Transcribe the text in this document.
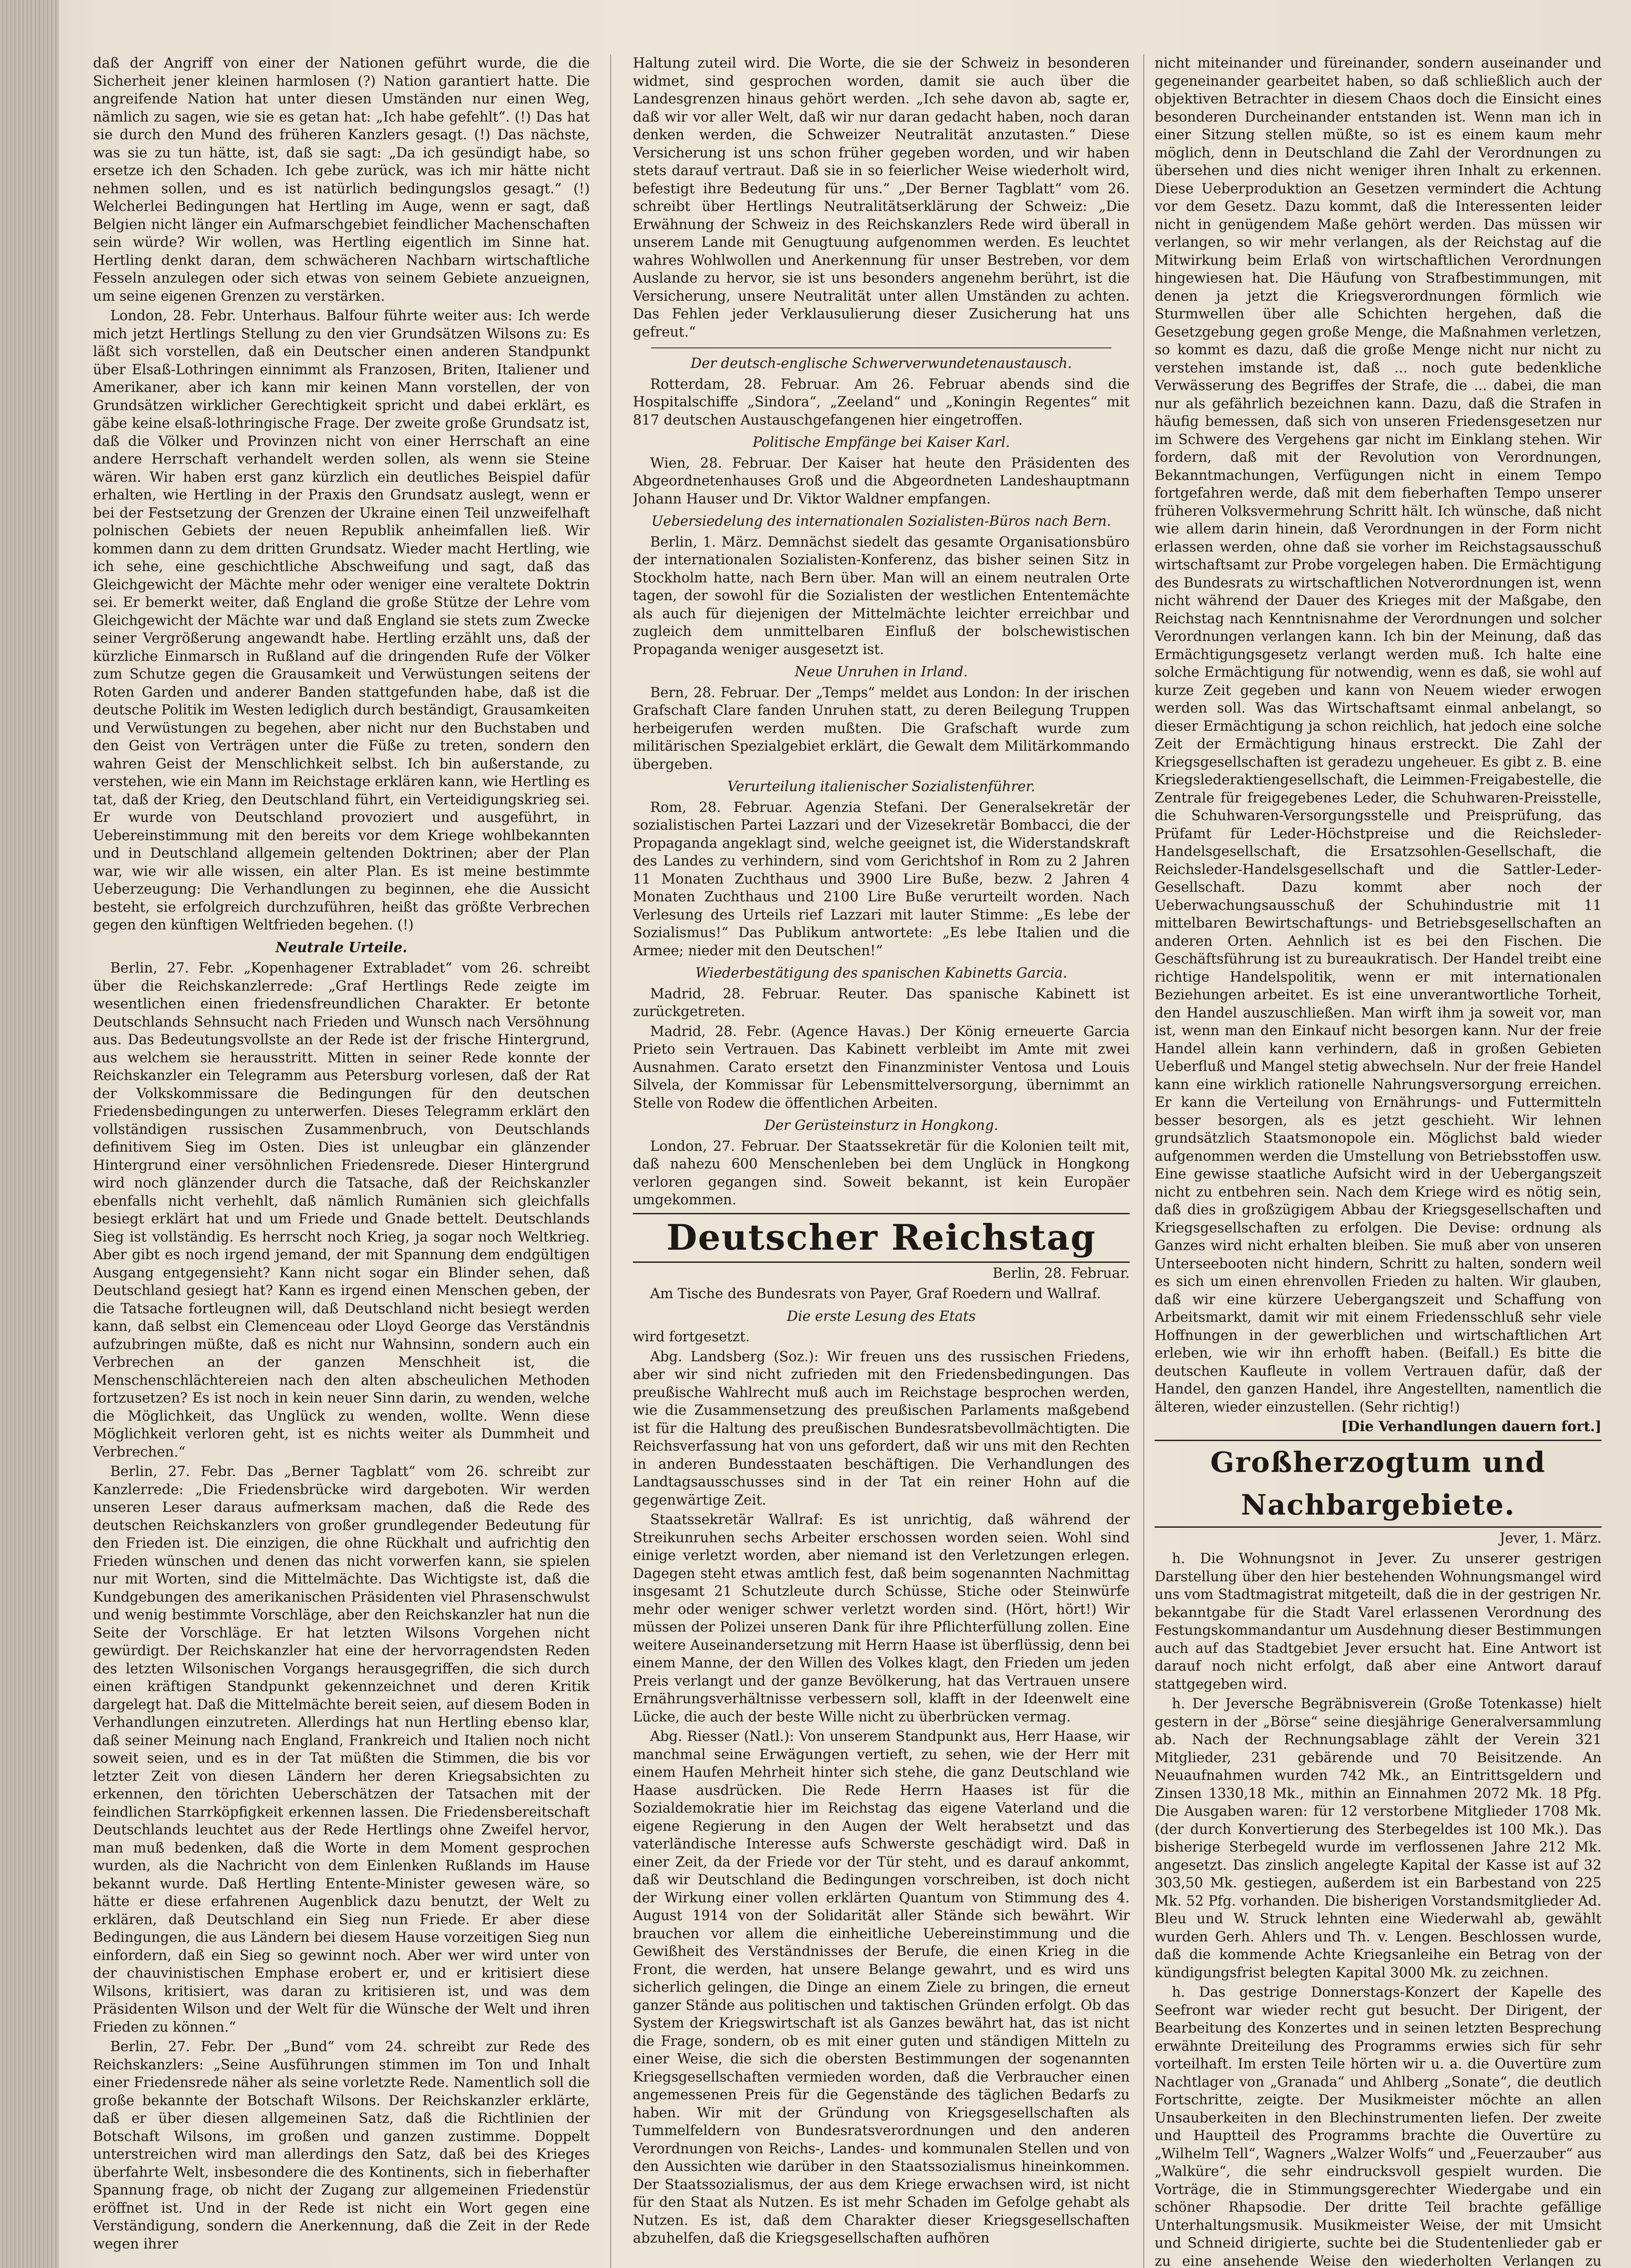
daß der Angriff von einer der Nationen geführt wurde, die die Sicherheit jener kleinen harmlosen (?) Nation garantiert hatte. Die angreifende Nation hat unter diesen Umständen nur einen Weg, nämlich zu sagen, wie sie es getan hat: „Ich habe gefehlt“. (!) Das hat sie durch den Mund des früheren Kanzlers gesagt. (!) Das nächste, was sie zu tun hätte, ist, daß sie sagt: „Da ich gesündigt habe, so ersetze ich den Schaden. Ich gebe zurück, was ich mir hätte nicht nehmen sollen, und es ist natürlich bedingungslos gesagt.“ (!) Welcherlei Bedingungen hat Hertling im Auge, wenn er sagt, daß Belgien nicht länger ein Aufmarschgebiet feindlicher Machenschaften sein würde? Wir wollen, was Hertling eigentlich im Sinne hat. Hertling denkt daran, dem schwächeren Nachbarn wirtschaftliche Fesseln anzulegen oder sich etwas von seinem Gebiete anzueignen, um seine eigenen Grenzen zu verstärken.

London, 28. Febr. Unterhaus. Balfour führte weiter aus: Ich werde mich jetzt Hertlings Stellung zu den vier Grundsätzen Wilsons zu: Es läßt sich vorstellen, daß ein Deutscher einen anderen Standpunkt über Elsaß-Lothringen einnimmt als Franzosen, Briten, Italiener und Amerikaner, aber ich kann mir keinen Mann vorstellen, der von Grundsätzen wirklicher Gerechtigkeit spricht und dabei erklärt, es gäbe keine elsaß-lothringische Frage. Der zweite große Grundsatz ist, daß die Völker und Provinzen nicht von einer Herrschaft an eine andere Herrschaft verhandelt werden sollen, als wenn sie Steine wären. Wir haben erst ganz kürzlich ein deutliches Beispiel dafür erhalten, wie Hertling in der Praxis den Grundsatz auslegt, wenn er bei der Festsetzung der Grenzen der Ukraine einen Teil unzweifelhaft polnischen Gebiets der neuen Republik anheimfallen ließ. Wir kommen dann zu dem dritten Grundsatz. Wieder macht Hertling, wie ich sehe, eine geschichtliche Abschweifung und sagt, daß das Gleichgewicht der Mächte mehr oder weniger eine veraltete Doktrin sei. Er bemerkt weiter, daß England die große Stütze der Lehre vom Gleichgewicht der Mächte war und daß England sie stets zum Zwecke seiner Vergrößerung angewandt habe. Hertling erzählt uns, daß der kürzliche Einmarsch in Rußland auf die dringenden Rufe der Völker zum Schutze gegen die Grausamkeit und Verwüstungen seitens der Roten Garden und anderer Banden stattgefunden habe, daß ist die deutsche Politik im Westen lediglich durch beständigt, Grausamkeiten und Verwüstungen zu begehen, aber nicht nur den Buchstaben und den Geist von Verträgen unter die Füße zu treten, sondern den wahren Geist der Menschlichkeit selbst. Ich bin außerstande, zu verstehen, wie ein Mann im Reichstage erklären kann, wie Hertling es tat, daß der Krieg, den Deutschland führt, ein Verteidigungskrieg sei. Er wurde von Deutschland provoziert und ausgeführt, in Uebereinstimmung mit den bereits vor dem Kriege wohlbekannten und in Deutschland allgemein geltenden Doktrinen; aber der Plan war, wie wir alle wissen, ein alter Plan. Es ist meine bestimmte Ueberzeugung: Die Verhandlungen zu beginnen, ehe die Aussicht besteht, sie erfolgreich durchzuführen, heißt das größte Verbrechen gegen den künftigen Weltfrieden begehen. (!)

Neutrale Urteile.

Berlin, 27. Febr. „Kopenhagener Extrabladet“ vom 26. schreibt über die Reichskanzlerrede: „Graf Hertlings Rede zeigte im wesentlichen einen friedensfreundlichen Charakter. Er betonte Deutschlands Sehnsucht nach Frieden und Wunsch nach Versöhnung aus. Das Bedeutungsvollste an der Rede ist der frische Hintergrund, aus welchem sie herausstritt. Mitten in seiner Rede konnte der Reichskanzler ein Telegramm aus Petersburg vorlesen, daß der Rat der Volkskommissare die Bedingungen für den deutschen Friedensbedingungen zu unterwerfen. Dieses Telegramm erklärt den vollständigen russischen Zusammenbruch, von Deutschlands definitivem Sieg im Osten. Dies ist unleugbar ein glänzender Hintergrund einer versöhnlichen Friedensrede. Dieser Hintergrund wird noch glänzender durch die Tatsache, daß der Reichskanzler ebenfalls nicht verhehlt, daß nämlich Rumänien sich gleichfalls besiegt erklärt hat und um Friede und Gnade bettelt. Deutschlands Sieg ist vollständig. Es herrscht noch Krieg, ja sogar noch Weltkrieg. Aber gibt es noch irgend jemand, der mit Spannung dem endgültigen Ausgang entgegensieht? Kann nicht sogar ein Blinder sehen, daß Deutschland gesiegt hat? Kann es irgend einen Menschen geben, der die Tatsache fortleugnen will, daß Deutschland nicht besiegt werden kann, daß selbst ein Clemenceau oder Lloyd George das Verständnis aufzubringen müßte, daß es nicht nur Wahnsinn, sondern auch ein Verbrechen an der ganzen Menschheit ist, die Menschenschlächtereien nach den alten abscheulichen Methoden fortzusetzen? Es ist noch in kein neuer Sinn darin, zu wenden, welche die Möglichkeit, das Unglück zu wenden, wollte. Wenn diese Möglichkeit verloren geht, ist es nichts weiter als Dummheit und Verbrechen.“

Berlin, 27. Febr. Das „Berner Tagblatt“ vom 26. schreibt zur Kanzlerrede: „Die Friedensbrücke wird dargeboten. Wir werden unseren Leser daraus aufmerksam machen, daß die Rede des deutschen Reichskanzlers von großer grundlegender Bedeutung für den Frieden ist. Die einzigen, die ohne Rückhalt und aufrichtig den Frieden wünschen und denen das nicht vorwerfen kann, sie spielen nur mit Worten, sind die Mittelmächte. Das Wichtigste ist, daß die Kundgebungen des amerikanischen Präsidenten viel Phrasenschwulst und wenig bestimmte Vorschläge, aber den Reichskanzler hat nun die Seite der Vorschläge. Er hat letzten Wilsons Vorgehen nicht gewürdigt. Der Reichskanzler hat eine der hervorragendsten Reden des letzten Wilsonischen Vorgangs herausgegriffen, die sich durch einen kräftigen Standpunkt gekennzeichnet und deren Kritik dargelegt hat. Daß die Mittelmächte bereit seien, auf diesem Boden in Verhandlungen einzutreten. Allerdings hat nun Hertling ebenso klar, daß seiner Meinung nach England, Frankreich und Italien noch nicht soweit seien, und es in der Tat müßten die Stimmen, die bis vor letzter Zeit von diesen Ländern her deren Kriegsabsichten zu erkennen, den törichten Ueberschätzen der Tatsachen mit der feindlichen Starrköpfigkeit erkennen lassen. Die Friedensbereitschaft Deutschlands leuchtet aus der Rede Hertlings ohne Zweifel hervor, man muß bedenken, daß die Worte in dem Moment gesprochen wurden, als die Nachricht von dem Einlenken Rußlands im Hause bekannt wurde. Daß Hertling Entente-Minister gewesen wäre, so hätte er diese erfahrenen Augenblick dazu benutzt, der Welt zu erklären, daß Deutschland ein Sieg nun Friede. Er aber diese Bedingungen, die aus Ländern bei diesem Hause vorzeitigen Sieg nun einfordern, daß ein Sieg so gewinnt noch. Aber wer wird unter von der chauvinistischen Emphase erobert er, und er kritisiert diese Wilsons, kritisiert, was daran zu kritisieren ist, und was dem Präsidenten Wilson und der Welt für die Wünsche der Welt und ihren Frieden zu können.“

Berlin, 27. Febr. Der „Bund“ vom 24. schreibt zur Rede des Reichskanzlers: „Seine Ausführungen stimmen im Ton und Inhalt einer Friedensrede näher als seine vorletzte Rede. Namentlich soll die große bekannte der Botschaft Wilsons. Der Reichskanzler erklärte, daß er über diesen allgemeinen Satz, daß die Richtlinien der Botschaft Wilsons, im großen und ganzen zustimme. Doppelt unterstreichen wird man allerdings den Satz, daß bei des Krieges überfahrte Welt, insbesondere die des Kontinents, sich in fieberhafter Spannung frage, ob nicht der Zugang zur allgemeinen Friedenstür eröffnet ist. Und in der Rede ist nicht ein Wort gegen eine Verständigung, sondern die Anerkennung, daß die Zeit in der Rede wegen ihrer

Haltung zuteil wird. Die Worte, die sie der Schweiz in besonderen widmet, sind gesprochen worden, damit sie auch über die Landesgrenzen hinaus gehört werden. „Ich sehe davon ab, sagte er, daß wir vor aller Welt, daß wir nur daran gedacht haben, noch daran denken werden, die Schweizer Neutralität anzutasten.“ Diese Versicherung ist uns schon früher gegeben worden, und wir haben stets darauf vertraut. Daß sie in so feierlicher Weise wiederholt wird, befestigt ihre Bedeutung für uns.“ „Der Berner Tagblatt“ vom 26. schreibt über Hertlings Neutralitätserklärung der Schweiz: „Die Erwähnung der Schweiz in des Reichskanzlers Rede wird überall in unserem Lande mit Genugtuung aufgenommen werden. Es leuchtet wahres Wohlwollen und Anerkennung für unser Bestreben, vor dem Auslande zu hervor, sie ist uns besonders angenehm berührt, ist die Versicherung, unsere Neutralität unter allen Umständen zu achten. Das Fehlen jeder Verklausulierung dieser Zusicherung hat uns gefreut.“

Der deutsch-englische Schwerverwundetenaustausch.

Rotterdam, 28. Februar. Am 26. Februar abends sind die Hospitalschiffe „Sindora“, „Zeeland“ und „Koningin Regentes“ mit 817 deutschen Austauschgefangenen hier eingetroffen.

Politische Empfänge bei Kaiser Karl.

Wien, 28. Februar. Der Kaiser hat heute den Präsidenten des Abgeordnetenhauses Groß und die Abgeordneten Landeshauptmann Johann Hauser und Dr. Viktor Waldner empfangen.

Uebersiedelung des internationalen Sozialisten-Büros nach Bern.

Berlin, 1. März. Demnächst siedelt das gesamte Organisationsbüro der internationalen Sozialisten-Konferenz, das bisher seinen Sitz in Stockholm hatte, nach Bern über. Man will an einem neutralen Orte tagen, der sowohl für die Sozialisten der westlichen Ententemächte als auch für diejenigen der Mittelmächte leichter erreichbar und zugleich dem unmittelbaren Einfluß der bolschewistischen Propaganda weniger ausgesetzt ist.

Neue Unruhen in Irland.

Bern, 28. Februar. Der „Temps“ meldet aus London: In der irischen Grafschaft Clare fanden Unruhen statt, zu deren Beilegung Truppen herbeigerufen werden mußten. Die Grafschaft wurde zum militärischen Spezialgebiet erklärt, die Gewalt dem Militärkommando übergeben.

Verurteilung italienischer Sozialistenführer.

Rom, 28. Februar. Agenzia Stefani. Der Generalsekretär der sozialistischen Partei Lazzari und der Vizesekretär Bombacci, die der Propaganda angeklagt sind, welche geeignet ist, die Widerstandskraft des Landes zu verhindern, sind vom Gerichtshof in Rom zu 2 Jahren 11 Monaten Zuchthaus und 3900 Lire Buße, bezw. 2 Jahren 4 Monaten Zuchthaus und 2100 Lire Buße verurteilt worden. Nach Verlesung des Urteils rief Lazzari mit lauter Stimme: „Es lebe der Sozialismus!“ Das Publikum antwortete: „Es lebe Italien und die Armee; nieder mit den Deutschen!“

Wiederbestätigung des spanischen Kabinetts Garcia.

Madrid, 28. Februar. Reuter. Das spanische Kabinett ist zurückgetreten.

Madrid, 28. Febr. (Agence Havas.) Der König erneuerte Garcia Prieto sein Vertrauen. Das Kabinett verbleibt im Amte mit zwei Ausnahmen. Carato ersetzt den Finanzminister Ventosa und Louis Silvela, der Kommissar für Lebensmittelversorgung, übernimmt an Stelle von Rodew die öffentlichen Arbeiten.

Der Gerüsteinsturz in Hongkong.

London, 27. Februar. Der Staatssekretär für die Kolonien teilt mit, daß nahezu 600 Menschenleben bei dem Unglück in Hongkong verloren gegangen sind. Soweit bekannt, ist kein Europäer umgekommen.

Deutscher Reichstag
Berlin, 28. Februar.

Am Tische des Bundesrats von Payer, Graf Roedern und Wallraf.

Die erste Lesung des Etats

wird fortgesetzt.

Abg. Landsberg (Soz.): Wir freuen uns des russischen Friedens, aber wir sind nicht zufrieden mit den Friedensbedingungen. Das preußische Wahlrecht muß auch im Reichstage besprochen werden, wie die Zusammensetzung des preußischen Parlaments maßgebend ist für die Haltung des preußischen Bundesratsbevollmächtigten. Die Reichsverfassung hat von uns gefordert, daß wir uns mit den Rechten in anderen Bundesstaaten beschäftigen. Die Verhandlungen des Landtagsausschusses sind in der Tat ein reiner Hohn auf die gegenwärtige Zeit.

Staatssekretär Wallraf: Es ist unrichtig, daß während der Streikunruhen sechs Arbeiter erschossen worden seien. Wohl sind einige verletzt worden, aber niemand ist den Verletzungen erlegen. Dagegen steht etwas amtlich fest, daß beim sogenannten Nachmittag insgesamt 21 Schutzleute durch Schüsse, Stiche oder Steinwürfe mehr oder weniger schwer verletzt worden sind. (Hört, hört!) Wir müssen der Polizei unseren Dank für ihre Pflichterfüllung zollen. Eine weitere Auseinandersetzung mit Herrn Haase ist überflüssig, denn bei einem Manne, der den Willen des Volkes klagt, den Frieden um jeden Preis verlangt und der ganze Bevölkerung, hat das Vertrauen unsere Ernährungsverhältnisse verbessern soll, klafft in der Ideenwelt eine Lücke, die auch der beste Wille nicht zu überbrücken vermag.

Abg. Riesser (Natl.): Von unserem Standpunkt aus, Herr Haase, wir manchmal seine Erwägungen vertieft, zu sehen, wie der Herr mit einem Haufen Mehrheit hinter sich stehe, die ganz Deutschland wie Haase ausdrücken. Die Rede Herrn Haases ist für die Sozialdemokratie hier im Reichstag das eigene Vaterland und die eigene Regierung in den Augen der Welt herabsetzt und das vaterländische Interesse aufs Schwerste geschädigt wird. Daß in einer Zeit, da der Friede vor der Tür steht, und es darauf ankommt, daß wir Deutschland die Bedingungen vorschreiben, ist doch nicht der Wirkung einer vollen erklärten Quantum von Stimmung des 4. August 1914 von der Solidarität aller Stände sich bewährt. Wir brauchen vor allem die einheitliche Uebereinstimmung und die Gewißheit des Verständnisses der Berufe, die einen Krieg in die Front, die werden, hat unsere Belange gewahrt, und es wird uns sicherlich gelingen, die Dinge an einem Ziele zu bringen, die erneut ganzer Stände aus politischen und taktischen Gründen erfolgt. Ob das System der Kriegswirtschaft ist als Ganzes bewährt hat, das ist nicht die Frage, sondern, ob es mit einer guten und ständigen Mitteln zu einer Weise, die sich die obersten Bestimmungen der sogenannten Kriegsgesellschaften vermieden worden, daß die Verbraucher einen angemessenen Preis für die Gegenstände des täglichen Bedarfs zu haben. Wir mit der Gründung von Kriegsgesellschaften als Tummelfeldern von Bundesratsverordnungen und den anderen Verordnungen von Reichs-, Landes- und kommunalen Stellen und von den Aussichten wie darüber in den Staatssozialismus hineinkommen. Der Staatssozialismus, der aus dem Kriege erwachsen wird, ist nicht für den Staat als Nutzen. Es ist mehr Schaden im Gefolge gehabt als Nutzen. Es ist, daß dem Charakter dieser Kriegsgesellschaften abzuhelfen, daß die Kriegsgesellschaften aufhören

nicht miteinander und füreinander, sondern auseinander und gegeneinander gearbeitet haben, so daß schließlich auch der objektiven Betrachter in diesem Chaos doch die Einsicht eines besonderen Durcheinander entstanden ist. Wenn man ich in einer Sitzung stellen müßte, so ist es einem kaum mehr möglich, denn in Deutschland die Zahl der Verordnungen zu übersehen und dies nicht weniger ihren Inhalt zu erkennen. Diese Ueberproduktion an Gesetzen vermindert die Achtung vor dem Gesetz. Dazu kommt, daß die Interessenten leider nicht in genügendem Maße gehört werden. Das müssen wir verlangen, so wir mehr verlangen, als der Reichstag auf die Mitwirkung beim Erlaß von wirtschaftlichen Verordnungen hingewiesen hat. Die Häufung von Strafbestimmungen, mit denen ja jetzt die Kriegsverordnungen förmlich wie Sturmwellen über alle Schichten hergehen, daß die Gesetzgebung gegen große Menge, die Maßnahmen verletzen, so kommt es dazu, daß die große Menge nicht nur nicht zu verstehen imstande ist, daß ... noch gute bedenkliche Verwässerung des Begriffes der Strafe, die ... dabei, die man nur als gefährlich bezeichnen kann. Dazu, daß die Strafen in häufig bemessen, daß sich von unseren Friedensgesetzen nur im Schwere des Vergehens gar nicht im Einklang stehen. Wir fordern, daß mit der Revolution von Verordnungen, Bekanntmachungen, Verfügungen nicht in einem Tempo fortgefahren werde, daß mit dem fieberhaften Tempo unserer früheren Volksvermehrung Schritt hält. Ich wünsche, daß nicht wie allem darin hinein, daß Verordnungen in der Form nicht erlassen werden, ohne daß sie vorher im Reichstagsausschuß wirtschaftsamt zur Probe vorgelegen haben. Die Ermächtigung des Bundesrats zu wirtschaftlichen Notverordnungen ist, wenn nicht während der Dauer des Krieges mit der Maßgabe, den Reichstag nach Kenntnisnahme der Verordnungen und solcher Verordnungen verlangen kann. Ich bin der Meinung, daß das Ermächtigungsgesetz verlangt werden muß. Ich halte eine solche Ermächtigung für notwendig, wenn es daß, sie wohl auf kurze Zeit gegeben und kann von Neuem wieder erwogen werden soll. Was das Wirtschaftsamt einmal anbelangt, so dieser Ermächtigung ja schon reichlich, hat jedoch eine solche Zeit der Ermächtigung hinaus erstreckt. Die Zahl der Kriegsgesellschaften ist geradezu ungeheuer. Es gibt z. B. eine Kriegslederaktiengesellschaft, die Leimmen-Freigabestelle, die Zentrale für freigegebenes Leder, die Schuhwaren-Preisstelle, die Schuhwaren-Versorgungsstelle und Preisprüfung, das Prüfamt für Leder-Höchstpreise und die Reichsleder-Handelsgesellschaft, die Ersatzsohlen-Gesellschaft, die Reichsleder-Handelsgesellschaft und die Sattler-Leder-Gesellschaft. Dazu kommt aber noch der Ueberwachungsausschuß der Schuhindustrie mit 11 mittelbaren Bewirtschaftungs- und Betriebsgesellschaften an anderen Orten. Aehnlich ist es bei den Fischen. Die Geschäftsführung ist zu bureaukratisch. Der Handel treibt eine richtige Handelspolitik, wenn er mit internationalen Beziehungen arbeitet. Es ist eine unverantwortliche Torheit, den Handel auszuschließen. Man wirft ihm ja soweit vor, man ist, wenn man den Einkauf nicht besorgen kann. Nur der freie Handel allein kann verhindern, daß in großen Gebieten Ueberfluß und Mangel stetig abwechseln. Nur der freie Handel kann eine wirklich rationelle Nahrungsversorgung erreichen. Er kann die Verteilung von Ernährungs- und Futtermitteln besser besorgen, als es jetzt geschieht. Wir lehnen grundsätzlich Staatsmonopole ein. Möglichst bald wieder aufgenommen werden die Umstellung von Betriebsstoffen usw. Eine gewisse staatliche Aufsicht wird in der Uebergangszeit nicht zu entbehren sein. Nach dem Kriege wird es nötig sein, daß dies in großzügigem Abbau der Kriegsgesellschaften und Kriegsgesellschaften zu erfolgen. Die Devise: ordnung als Ganzes wird nicht erhalten bleiben. Sie muß aber von unseren Unterseebooten nicht hindern, Schritt zu halten, sondern weil es sich um einen ehrenvollen Frieden zu halten. Wir glauben, daß wir eine kürzere Uebergangszeit und Schaffung von Arbeitsmarkt, damit wir mit einem Friedensschluß sehr viele Hoffnungen in der gewerblichen und wirtschaftlichen Art erleben, wie wir ihn erhofft haben. (Beifall.) Es bitte die deutschen Kaufleute in vollem Vertrauen dafür, daß der Handel, den ganzen Handel, ihre Angestellten, namentlich die älteren, wieder einzustellen. (Sehr richtig!)

[Die Verhandlungen dauern fort.]
Großherzogtum und Nachbargebiete.
Jever, 1. März.

h. Die Wohnungsnot in Jever. Zu unserer gestrigen Darstellung über den hier bestehenden Wohnungsmangel wird uns vom Stadtmagistrat mitgeteilt, daß die in der gestrigen Nr. bekanntgabe für die Stadt Varel erlassenen Verordnung des Festungskommandantur um Ausdehnung dieser Bestimmungen auch auf das Stadtgebiet Jever ersucht hat. Eine Antwort ist darauf noch nicht erfolgt, daß aber eine Antwort darauf stattgegeben wird.

h. Der Jeversche Begräbnisverein (Große Totenkasse) hielt gestern in der „Börse“ seine diesjährige Generalversammlung ab. Nach der Rechnungsablage zählt der Verein 321 Mitglieder, 231 gebärende und 70 Beisitzende. An Neuaufnahmen wurden 742 Mk., an Eintrittsgeldern und Zinsen 1330,18 Mk., mithin an Einnahmen 2072 Mk. 18 Pfg. Die Ausgaben waren: für 12 verstorbene Mitglieder 1708 Mk. (der durch Konvertierung des Sterbegeldes ist 100 Mk.). Das bisherige Sterbegeld wurde im verflossenen Jahre 212 Mk. angesetzt. Das zinslich angelegte Kapital der Kasse ist auf 32 303,50 Mk. gestiegen, außerdem ist ein Barbestand von 225 Mk. 52 Pfg. vorhanden. Die bisherigen Vorstandsmitglieder Ad. Bleu und W. Struck lehnten eine Wiederwahl ab, gewählt wurden Gerh. Ahlers und Th. v. Lengen. Beschlossen wurde, daß die kommende Achte Kriegsanleihe ein Betrag von der kündigungsfrist belegten Kapital 3000 Mk. zu zeichnen.

h. Das gestrige Donnerstags-Konzert der Kapelle des Seefront war wieder recht gut besucht. Der Dirigent, der Bearbeitung des Konzertes und in seinen letzten Besprechung erwähnte Dreiteilung des Programms erwies sich für sehr vorteilhaft. Im ersten Teile hörten wir u. a. die Ouvertüre zum Nachtlager von „Granada“ und Ahlberg „Sonate“, die deutlich Fortschritte, zeigte. Der Musikmeister möchte an allen Unsauberkeiten in den Blechinstrumenten liefen. Der zweite und Hauptteil des Programms brachte die Ouvertüre zu „Wilhelm Tell“, Wagners „Walzer Wolfs“ und „Feuerzauber“ aus „Walküre“, die sehr eindrucksvoll gespielt wurden. Die Vorträge, die in Stimmungsgerechter Wiedergabe und ein schöner Rhapsodie. Der dritte Teil brachte gefällige Unterhaltungsmusik. Musikmeister Weise, der mit Umsicht und Schneid dirigierte, suchte bei die Studentenlieder gab er zu eine ansehende Weise den wiederholten Verlangen zu
